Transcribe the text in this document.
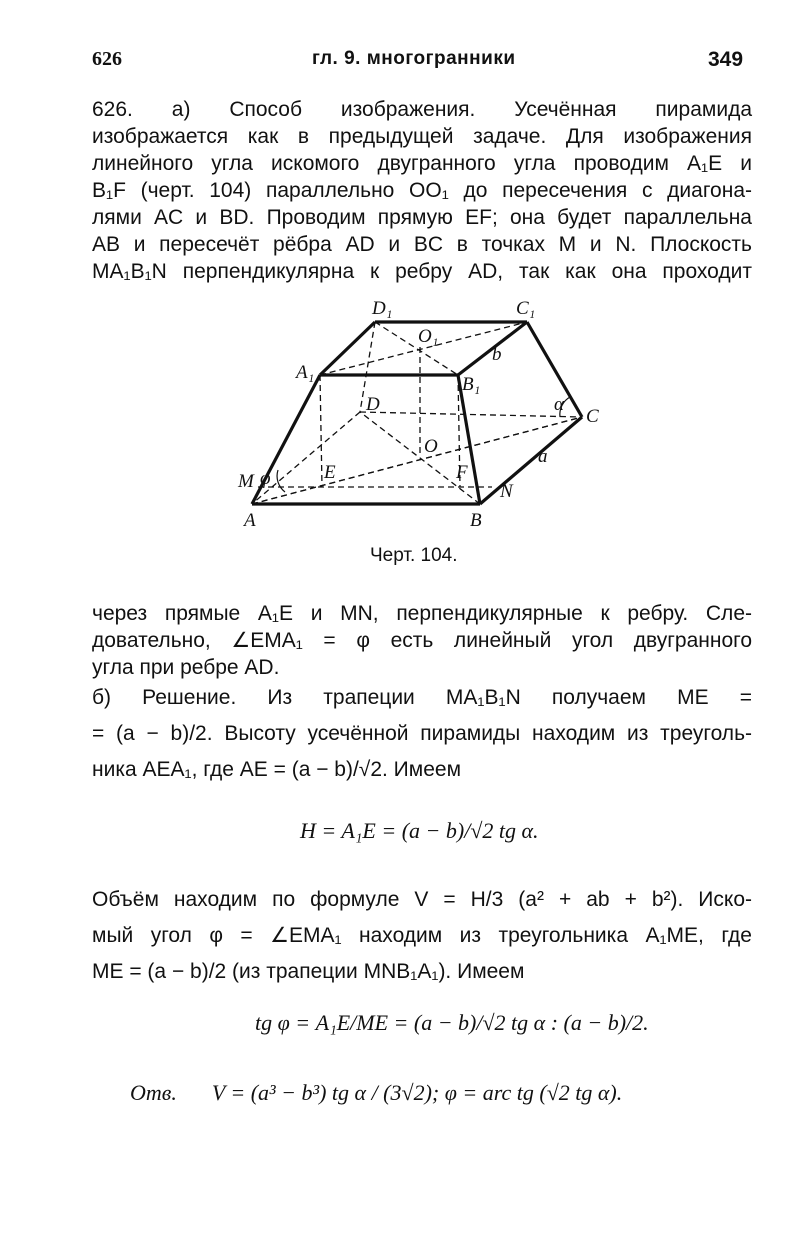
626	гл. 9. многогранники	349
626. а) Способ изображения. Усечённая пирамида
изображается как в предыдущей задаче. Для изображения
линейного угла искомого двугранного угла проводим A₁E и
B₁F (черт. 104) параллельно OO₁ до пересечения с диагона-
лями AC и BD. Проводим прямую EF; она будет параллельна
AB и пересечёт рёбра AD и BC в точках M и N. Плоскость
MA₁B₁N перпендикулярна к ребру AD, так как она проходит
D₁	C₁
O₁
b
A₁
B₁
D	α
C
O
M φ	E	F
N
a
A	B
Черт. 104.
через прямые A₁E и MN, перпендикулярные к ребру. Сле-
довательно, ∠EMA₁ = φ есть линейный угол двугранного
угла при ребре AD.
б) Решение. Из трапеции MA₁B₁N получаем ME =
= (a − b)/2. Высоту усечённой пирамиды находим из треуголь-
ника AEA₁, где AE = (a − b)/√2. Имеем
H = A₁E = (a − b)/√2 tg α.
Объём находим по формуле V = H/3 (a² + ab + b²). Иско-
мый угол φ = ∠EMA₁ находим из треугольника A₁ME, где
ME = (a − b)/2 (из трапеции MNB₁A₁). Имеем
tg φ = A₁E/ME = (a − b)/√2 tg α : (a − b)/2.
Отв. V = (a³ − b³) tg α / (3√2); φ = arc tg (√2 tg α).
